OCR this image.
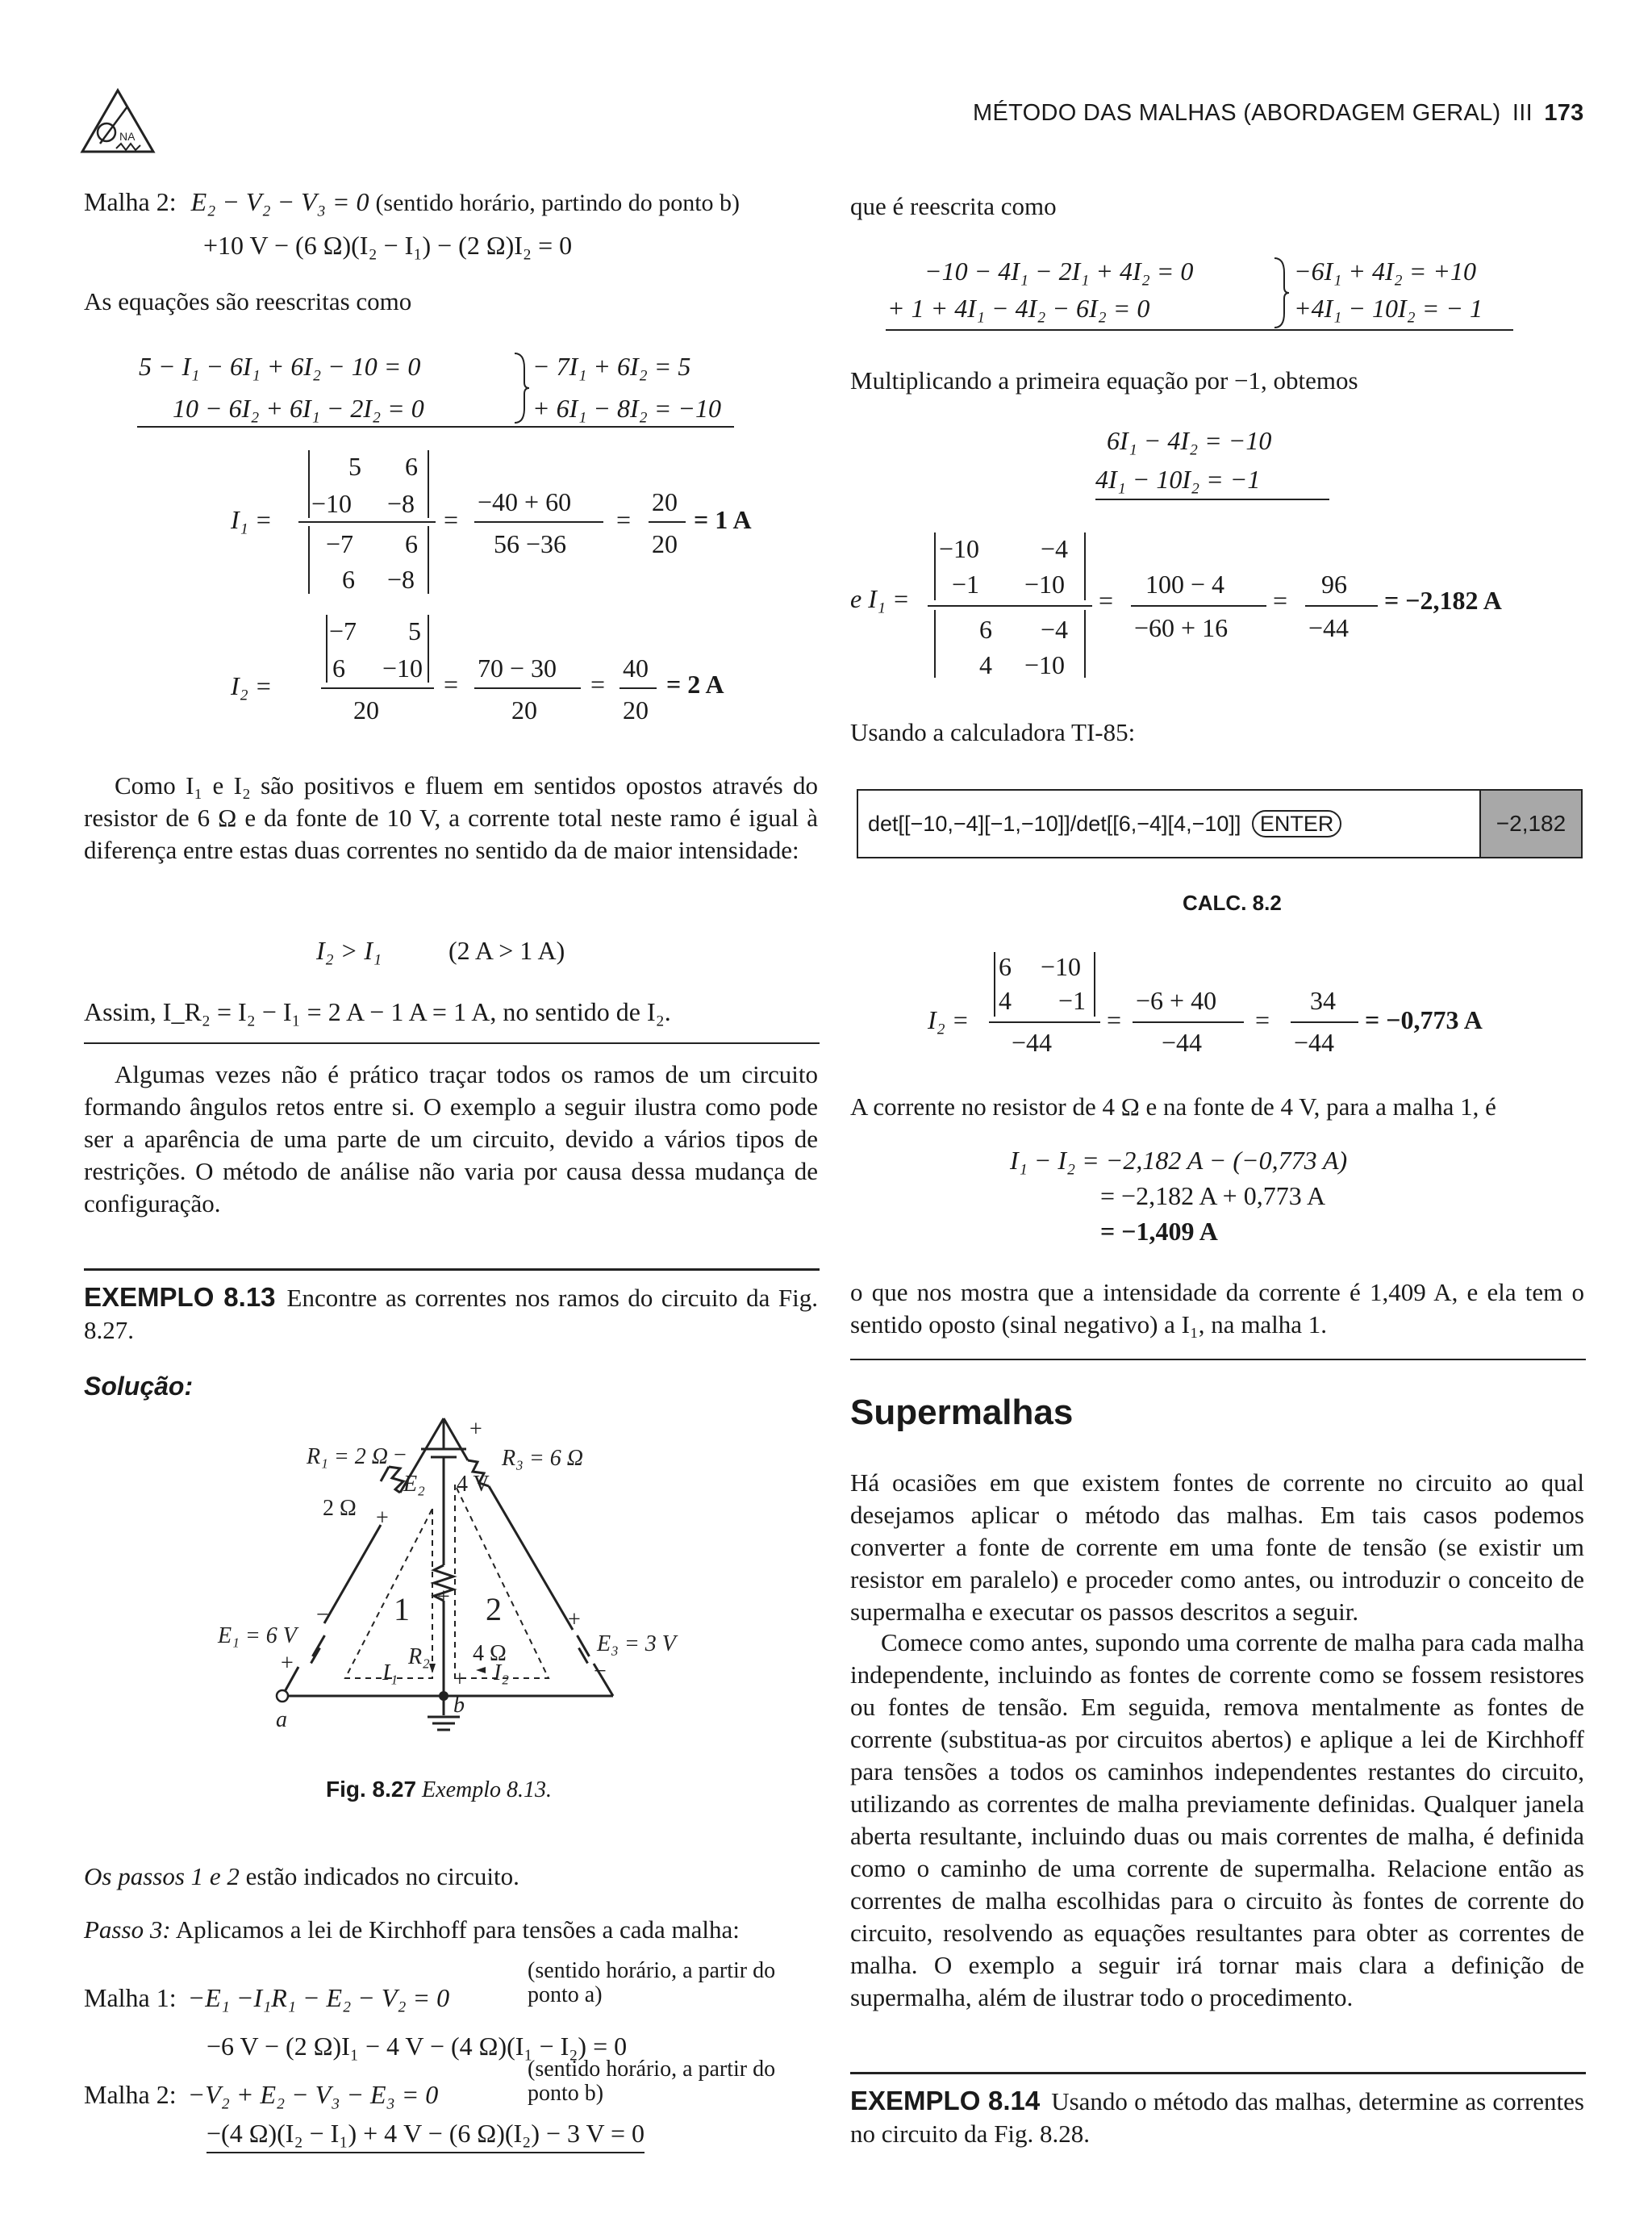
NA
MÉTODO DAS MALHAS (ABORDAGEM GERAL) III 173
Malha 2: E₂ − V₂ − V₃ = 0 (sentido horário, partindo do ponto b)
+10 V − (6 Ω)(I₂ − I₁) − (2 Ω)I₂ = 0
As equações são reescritas como
5 − I₁ − 6I₁ + 6I₂ − 10 = 0
10 − 6I₂ + 6I₁ − 2I₂ = 0
− 7I₁ + 6I₂ = 5
+ 6I₁ − 8I₂ = −10
I₁ =
5 6
−10 −8
−7 6
6 −8
=
−40 + 60
56 −36
=
20
20
= 1 A
I₂ =
−7 5
6 −10
20
=
70 − 30
20
=
40
20
= 2 A
Como I₁ e I₂ são positivos e fluem em sentidos opostos através do resistor de 6 Ω e da fonte de 10 V, a corrente total neste ramo é igual à diferença entre estas duas correntes no sentido da de maior intensidade:
I₂ > I₁	(2 A > 1 A)
Assim, I_R₂ = I₂ − I₁ = 2 A − 1 A = 1 A, no sentido de I₂.
Algumas vezes não é prático traçar todos os ramos de um circuito formando ângulos retos entre si. O exemplo a seguir ilustra como pode ser a aparência de uma parte de um circuito, devido a vários tipos de restrições. O método de análise não varia por causa dessa mudança de configuração.
EXEMPLO 8.13 Encontre as correntes nos ramos do circuito da Fig. 8.27.
Solução:
R₁ = 2 Ω	R₃ = 6 Ω
2 Ω
E₂ 4 V
E₁ = 6 V	E₃ = 3 V
R₂ 4 Ω
1 2
I₁	I₂
a
b
+
−
+
+
−	+
−
+
+
Fig. 8.27 Exemplo 8.13.
Os passos 1 e 2 estão indicados no circuito.
Passo 3: Aplicamos a lei de Kirchhoff para tensões a cada malha:
Malha 1: −E₁ −I₁R₁ − E₂ − V₂ = 0
(sentido horário, a partir do
ponto a)
−6 V − (2 Ω)I₁ − 4 V − (4 Ω)(I₁ − I₂) = 0
Malha 2: −V₂ + E₂ − V₃ − E₃ = 0
(sentido horário, a partir do
ponto b)
−(4 Ω)(I₂ − I₁) + 4 V − (6 Ω)(I₂) − 3 V = 0
que é reescrita como
−10 − 4I₁ − 2I₁ + 4I₂ = 0
+ 1 + 4I₁ − 4I₂ − 6I₂ = 0
−6I₁ + 4I₂ = +10
+4I₁ − 10I₂ = − 1
Multiplicando a primeira equação por −1, obtemos
6I₁ − 4I₂ = −10
4I₁ − 10I₂ = −1
e I₁ =
−10 −4
−1 −10
6 −4
4 −10
=
100 − 4
−60 + 16
=
96
−44
= −2,182 A
Usando a calculadora TI-85:
det[[−10,−4][−1,−10]]/det[[6,−4][4,−10]] ENTER	−2,182
CALC. 8.2
I₂ =
6 −10
4 −1
−44
=
−6 + 40
−44
=
34
−44
= −0,773 A
A corrente no resistor de 4 Ω e na fonte de 4 V, para a malha 1, é
I₁ − I₂ = −2,182 A − (−0,773 A)
= −2,182 A + 0,773 A
= −1,409 A
o que nos mostra que a intensidade da corrente é 1,409 A, e ela tem o sentido oposto (sinal negativo) a I₁, na malha 1.
Supermalhas
Há ocasiões em que existem fontes de corrente no circuito ao qual desejamos aplicar o método das malhas. Em tais casos podemos converter a fonte de corrente em uma fonte de tensão (se existir um resistor em paralelo) e proceder como antes, ou introduzir o conceito de supermalha e executar os passos descritos a seguir.
Comece como antes, supondo uma corrente de malha para cada malha independente, incluindo as fontes de corrente como se fossem resistores ou fontes de tensão. Em seguida, remova mentalmente as fontes de corrente (substitua-as por circuitos abertos) e aplique a lei de Kirchhoff para tensões a todos os caminhos independentes restantes do circuito, utilizando as correntes de malha previamente definidas. Qualquer janela aberta resultante, incluindo duas ou mais correntes de malha, é definida como o caminho de uma corrente de supermalha. Relacione então as correntes de malha escolhidas para o circuito às fontes de corrente do circuito, resolvendo as equações resultantes para obter as correntes de malha. O exemplo a seguir irá tornar mais clara a definição de supermalha, além de ilustrar todo o procedimento.
EXEMPLO 8.14 Usando o método das malhas, determine as correntes no circuito da Fig. 8.28.
